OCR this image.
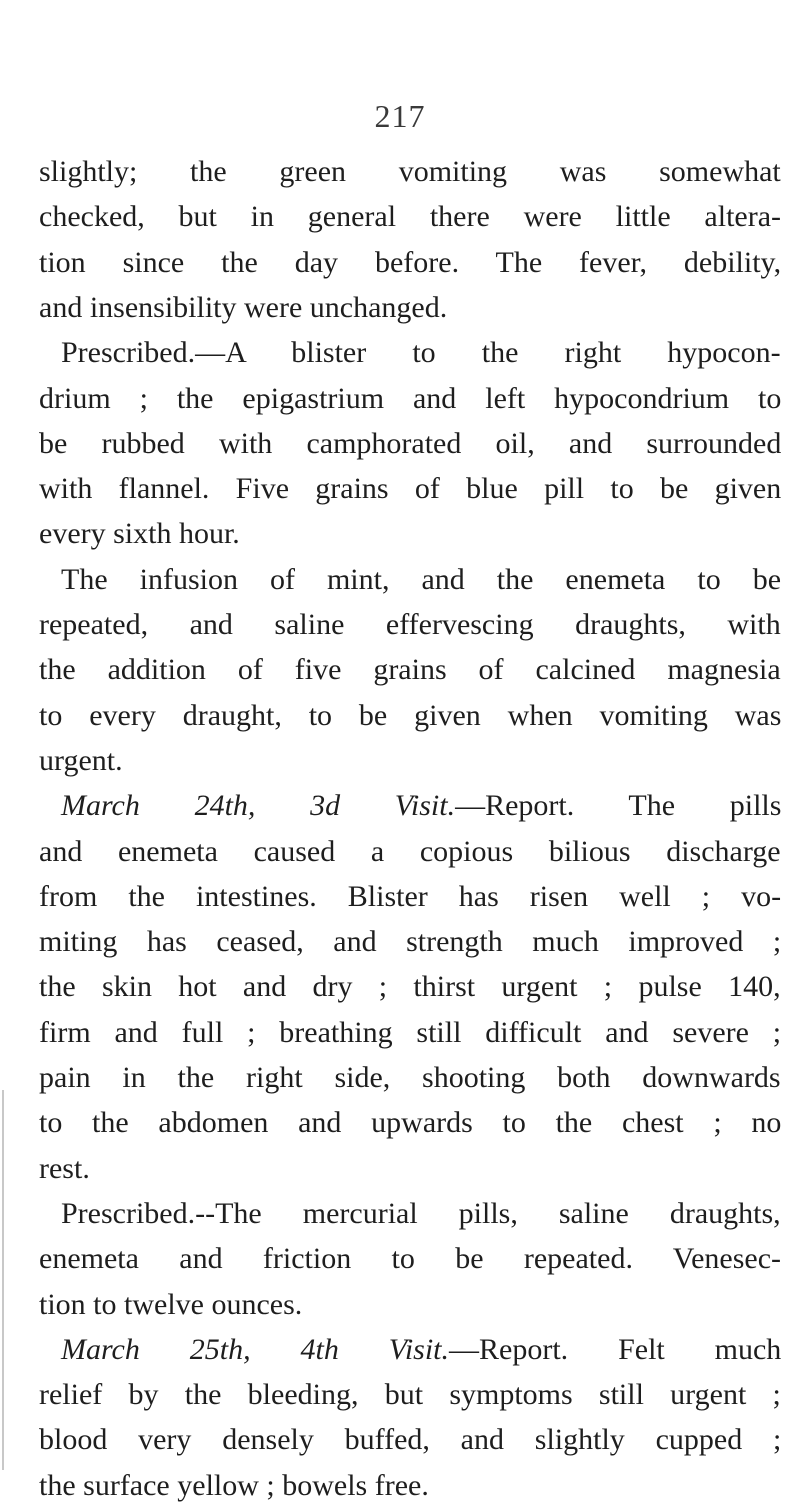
217
slightly; the green vomiting was somewhat
checked, but in general there were little altera-
tion since the day before. The fever, debility,
and insensibility were unchanged.
Prescribed.—A blister to the right hypocon-
drium ; the epigastrium and left hypocondrium to
be rubbed with camphorated oil, and surrounded
with flannel. Five grains of blue pill to be given
every sixth hour.
The infusion of mint, and the enemeta to be
repeated, and saline effervescing draughts, with
the addition of five grains of calcined magnesia
to every draught, to be given when vomiting was
urgent.
March 24th, 3d Visit.—Report. The pills
and enemeta caused a copious bilious discharge
from the intestines. Blister has risen well ; vo-
miting has ceased, and strength much improved ;
the skin hot and dry ; thirst urgent ; pulse 140,
firm and full ; breathing still difficult and severe ;
pain in the right side, shooting both downwards
to the abdomen and upwards to the chest ; no
rest.
Prescribed.--The mercurial pills, saline draughts,
enemeta and friction to be repeated. Venesec-
tion to twelve ounces.
March 25th, 4th Visit.—Report. Felt much
relief by the bleeding, but symptoms still urgent ;
blood very densely buffed, and slightly cupped ;
the surface yellow ; bowels free.
